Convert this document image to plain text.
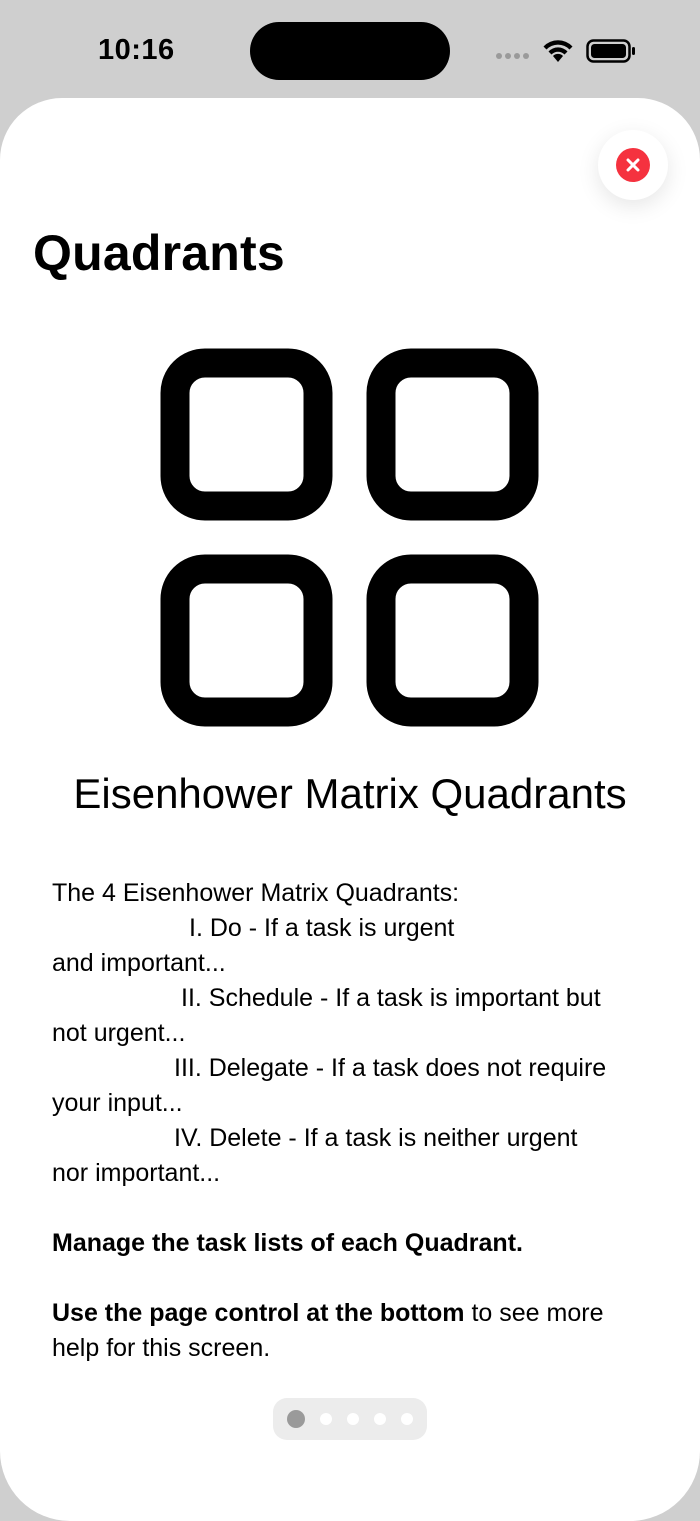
10:16
Quadrants
Eisenhower Matrix Quadrants

The 4 Eisenhower Matrix Quadrants:

I. Do - If a task is urgent

and important...

II. Schedule - If a task is important but

not urgent...

III. Delegate - If a task does not require

your input...

IV. Delete - If a task is neither urgent

nor important...

Manage the task lists of each Quadrant.

Use the page control at the bottom to see more help for this screen.
